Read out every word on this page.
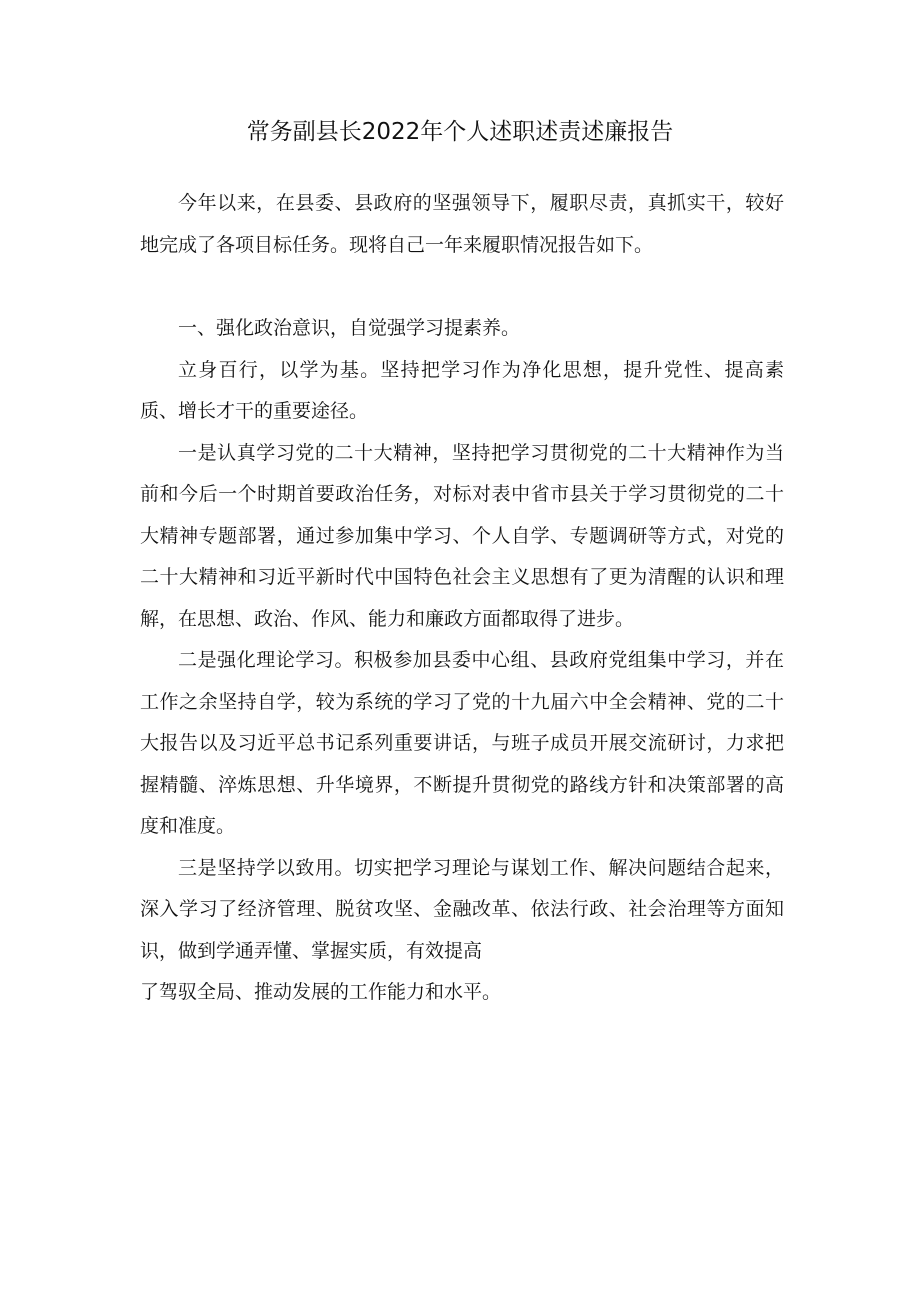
常务副县长2022年个人述职述责述廉报告

今年以来，在县委、县政府的坚强领导下，履职尽责，真抓实干，较好地完成了各项目标任务。现将自己一年来履职情况报告如下。

一、强化政治意识，自觉强学习提素养。

立身百行，以学为基。坚持把学习作为净化思想，提升党性、提高素质、增长才干的重要途径。

一是认真学习党的二十大精神，坚持把学习贯彻党的二十大精神作为当前和今后一个时期首要政治任务，对标对表中省市县关于学习贯彻党的二十大精神专题部署，通过参加集中学习、个人自学、专题调研等方式，对党的二十大精神和习近平新时代中国特色社会主义思想有了更为清醒的认识和理解，在思想、政治、作风、能力和廉政方面都取得了进步。

二是强化理论学习。积极参加县委中心组、县政府党组集中学习，并在工作之余坚持自学，较为系统的学习了党的十九届六中全会精神、党的二十大报告以及习近平总书记系列重要讲话，与班子成员开展交流研讨，力求把握精髓、淬炼思想、升华境界，不断提升贯彻党的路线方针和决策部署的高度和准度。

三是坚持学以致用。切实把学习理论与谋划工作、解决问题结合起来，深入学习了经济管理、脱贫攻坚、金融改革、依法行政、社会治理等方面知识，做到学通弄懂、掌握实质，有效提高

了驾驭全局、推动发展的工作能力和水平。
